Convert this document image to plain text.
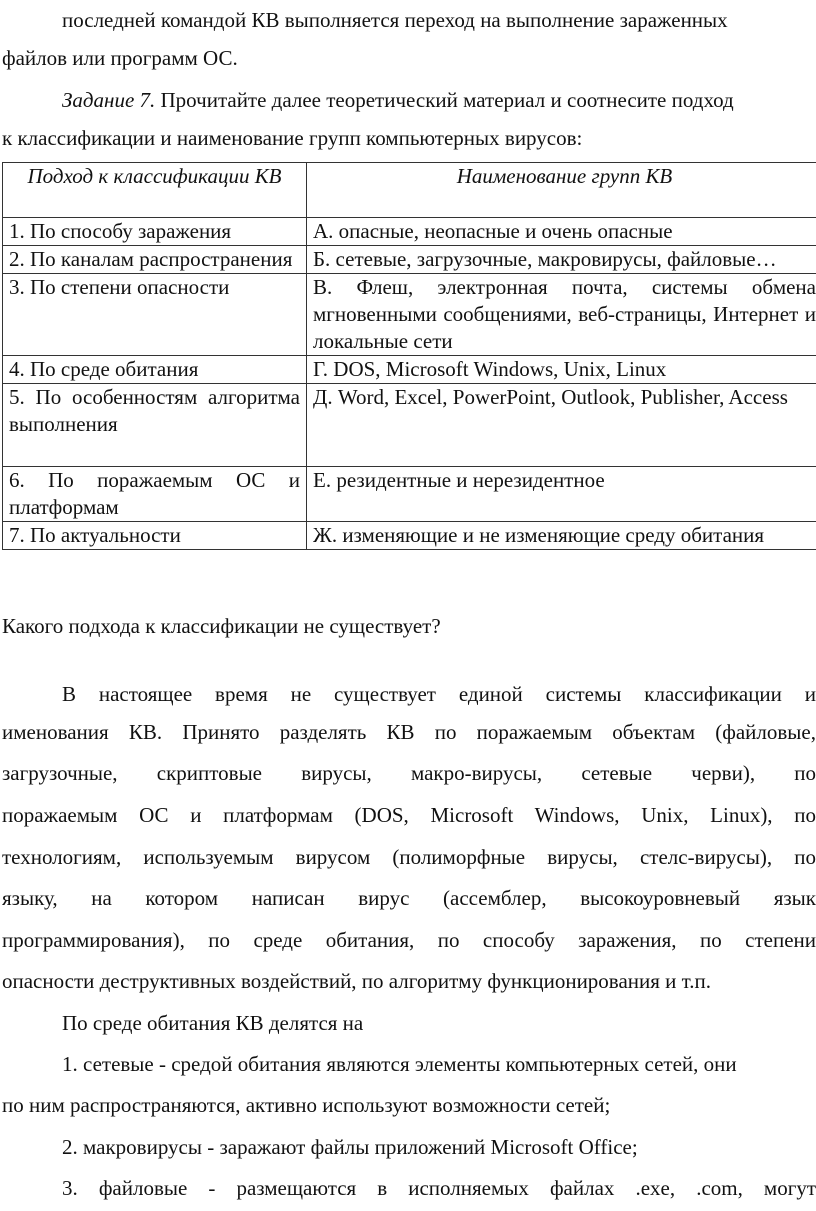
последней командой КВ выполняется переход на выполнение зараженных
файлов или программ ОС.
Задание 7. Прочитайте далее теоретический материал и соотнесите подход
к классификации и наименование групп компьютерных вирусов:
Подход к классификации КВ	Наименование групп КВ
1. По способу заражения	А. опасные, неопасные и очень опасные
2. По каналам распространения	Б. сетевые, загрузочные, макровирусы, файловые…
3. По степени опасности	В. Флеш, электронная почта, системы обмена мгновенными сообщениями, веб-страницы, Интернет и локальные сети
4. По среде обитания	Г. DOS, Microsoft Windows, Unix, Linux
5. По особенностям алгоритма выполнения	Д. Word, Excel, PowerPoint, Outlook, Publisher, Access
6. По поражаемым ОС и платформам	Е. резидентные и нерезидентное
7. По актуальности	Ж. изменяющие и не изменяющие среду обитания
Какого подхода к классификации не существует?
В настоящее время не существует единой системы классификации и
именования КВ. Принято разделять КВ по поражаемым объектам (файловые,
загрузочные, скриптовые вирусы, макро-вирусы, сетевые черви), по
поражаемым ОС и платформам (DOS, Microsoft Windows, Unix, Linux), по
технологиям, используемым вирусом (полиморфные вирусы, стелс-вирусы), по
языку, на котором написан вирус (ассемблер, высокоуровневый язык
программирования), по среде обитания, по способу заражения, по степени
опасности деструктивных воздействий, по алгоритму функционирования и т.п.
По среде обитания КВ делятся на
1. сетевые - средой обитания являются элементы компьютерных сетей, они
по ним распространяются, активно используют возможности сетей;
2. макровирусы - заражают файлы приложений Microsoft Office;
3. файловые - размещаются в исполняемых файлах .exe, .com, могут
